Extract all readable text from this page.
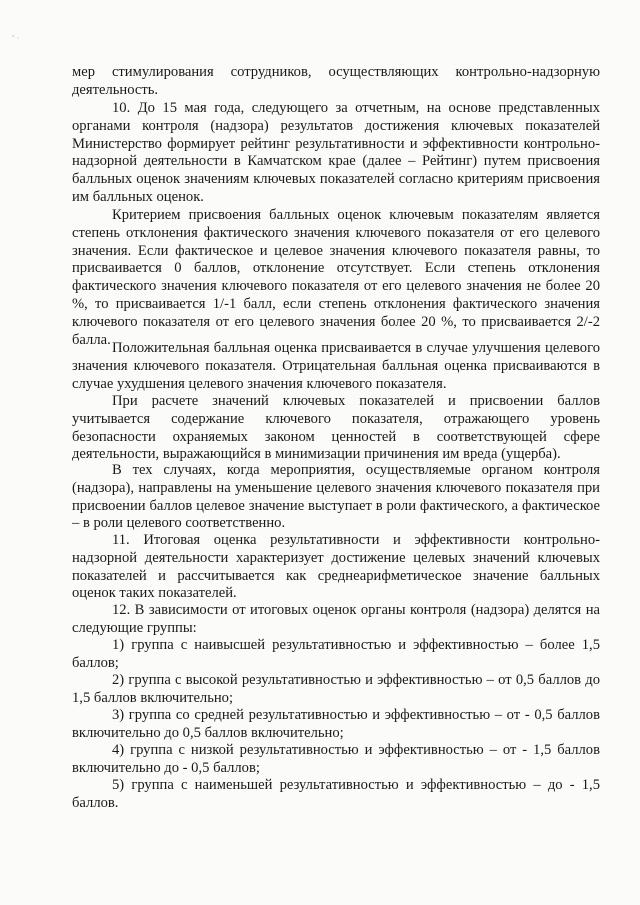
' ·

мер стимулирования сотрудников, осуществляющих контрольно-надзорную деятельность.

10. До 15 мая года, следующего за отчетным, на основе представленных органами контроля (надзора) результатов достижения ключевых показателей Министерство формирует рейтинг результативности и эффективности контрольно-надзорной деятельности в Камчатском крае (далее – Рейтинг) путем присвоения балльных оценок значениям ключевых показателей согласно критериям присвоения им балльных оценок.

Критерием присвоения балльных оценок ключевым показателям является степень отклонения фактического значения ключевого показателя от его целевого значения. Если фактическое и целевое значения ключевого показателя равны, то присваивается 0 баллов, отклонение отсутствует. Если степень отклонения фактического значения ключевого показателя от его целевого значения не более 20 %, то присваивается 1/-1 балл, если степень отклонения фактического значения ключевого показателя от его целевого значения более 20 %, то присваивается 2/-2 балла.

Положительная балльная оценка присваивается в случае улучшения целевого значения ключевого показателя. Отрицательная балльная оценка присваиваются в случае ухудшения целевого значения ключевого показателя.

При расчете значений ключевых показателей и присвоении баллов учитывается содержание ключевого показателя, отражающего уровень безопасности охраняемых законом ценностей в соответствующей сфере деятельности, выражающийся в минимизации причинения им вреда (ущерба).

В тех случаях, когда мероприятия, осуществляемые органом контроля (надзора), направлены на уменьшение целевого значения ключевого показателя при присвоении баллов целевое значение выступает в роли фактического, а фактическое – в роли целевого соответственно.

11. Итоговая оценка результативности и эффективности контрольно-надзорной деятельности характеризует достижение целевых значений ключевых показателей и рассчитывается как среднеарифметическое значение балльных оценок таких показателей.

12. В зависимости от итоговых оценок органы контроля (надзора) делятся на следующие группы:

1) группа с наивысшей результативностью и эффективностью – более 1,5 баллов;

2) группа с высокой результативностью и эффективностью – от 0,5 баллов до 1,5 баллов включительно;

3) группа со средней результативностью и эффективностью – от - 0,5 баллов включительно до 0,5 баллов включительно;

4) группа с низкой результативностью и эффективностью – от - 1,5 баллов включительно до - 0,5 баллов;

5) группа с наименьшей результативностью и эффективностью – до - 1,5 баллов.
